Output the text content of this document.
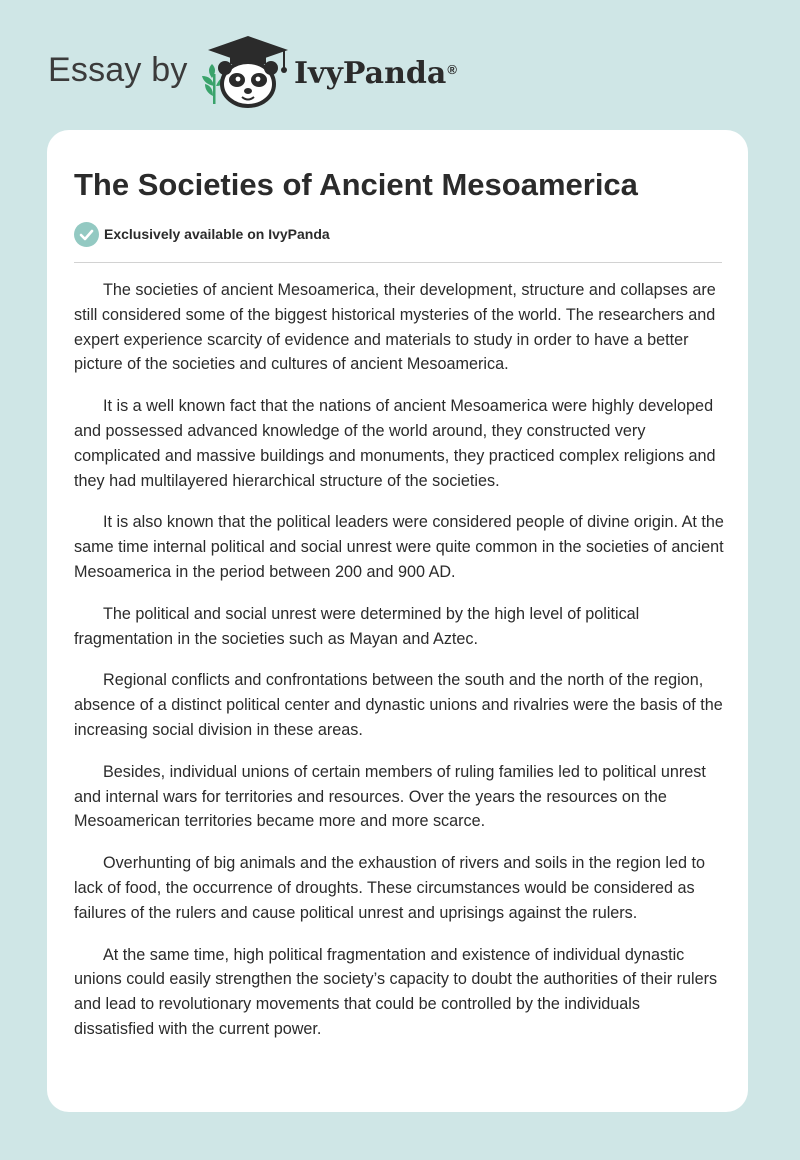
Essay by	IvyPanda®
The Societies of Ancient Mesoamerica
Exclusively available on IvyPanda

The societies of ancient Mesoamerica, their development, structure and collapses are still considered some of the biggest historical mysteries of the world. The researchers and expert experience scarcity of evidence and materials to study in order to have a better picture of the societies and cultures of ancient Mesoamerica.

It is a well known fact that the nations of ancient Mesoamerica were highly developed and possessed advanced knowledge of the world around, they constructed very complicated and massive buildings and monuments, they practiced complex religions and they had multilayered hierarchical structure of the societies.

It is also known that the political leaders were considered people of divine origin. At the same time internal political and social unrest were quite common in the societies of ancient Mesoamerica in the period between 200 and 900 AD.

The political and social unrest were determined by the high level of political fragmentation in the societies such as Mayan and Aztec.

Regional conflicts and confrontations between the south and the north of the region, absence of a distinct political center and dynastic unions and rivalries were the basis of the increasing social division in these areas.

Besides, individual unions of certain members of ruling families led to political unrest and internal wars for territories and resources. Over the years the resources on the Mesoamerican territories became more and more scarce.

Overhunting of big animals and the exhaustion of rivers and soils in the region led to lack of food, the occurrence of droughts. These circumstances would be considered as failures of the rulers and cause political unrest and uprisings against the rulers.

At the same time, high political fragmentation and existence of individual dynastic unions could easily strengthen the society’s capacity to doubt the authorities of their rulers and lead to revolutionary movements that could be controlled by the individuals dissatisfied with the current power.
